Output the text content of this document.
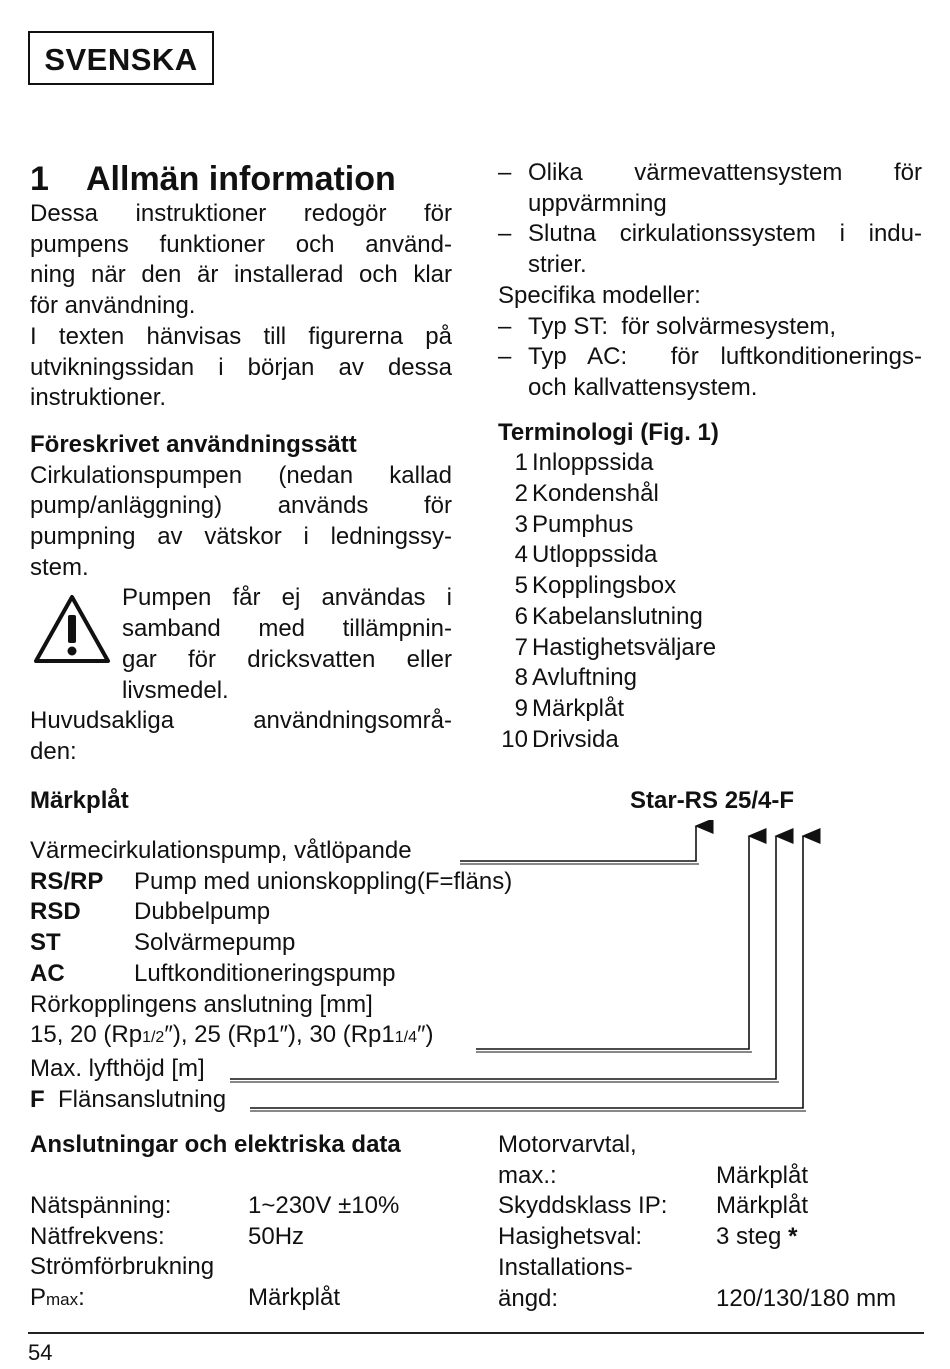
SVENSKA
1 Allmän information

Dessa instruktioner redogör för

pumpens funktioner och använd-

ning när den är installerad och klar

för användning.

I texten hänvisas till figurerna på

utvikningssidan i början av dessa

instruktioner.

Föreskrivet användningssätt

Cirkulationspumpen (nedan kallad

pump/anläggning) används för

pumpning av vätskor i ledningssy-

stem.

Pumpen får ej användas i

samband med tillämpnin-

gar för dricksvatten eller

livsmedel.

Huvudsakliga användningsområ-

den:

– Olika värmevattensystem för

uppvärmning

– Slutna cirkulationssystem i indu-

strier.

Specifika modeller:

– Typ ST:  för solvärmesystem,

– Typ AC:  för luftkonditionerings-

och kallvattensystem.

Terminologi (Fig. 1)

1 Inloppssida
2 Kondenshål
3 Pumphus
4 Utloppssida
5 Kopplingsbox
6 Kabelanslutning
7 Hastighetsväljare
8 Avluftning
9 Märkplåt
10 Drivsida
Märkplåt	Star-RS 25/4-F

Värmecirkulationspump, våtlöpande

RS/RP	Pump med unionskoppling(F=fläns)
RSD	Dubbelpump
ST	Solvärmepump
AC	Luftkonditioneringspump

Rörkopplingens anslutning [mm]

15, 20 (Rp1/2″), 25 (Rp1″), 30 (Rp11/4″)

Max. lyfthöjd [m]

F Flänsanslutning

Anslutningar och elektriska data
Nätspänning:	1~230V ±10%
Nätfrekvens:	50Hz
Strömförbrukning
Pmax:	Märkplåt
Motorvarvtal,
max.:	Märkplåt
Skyddsklass IP:	Märkplåt
Hasighetsval:	3 steg
*
Installations-
ängd:	120/130/180 mm
54
